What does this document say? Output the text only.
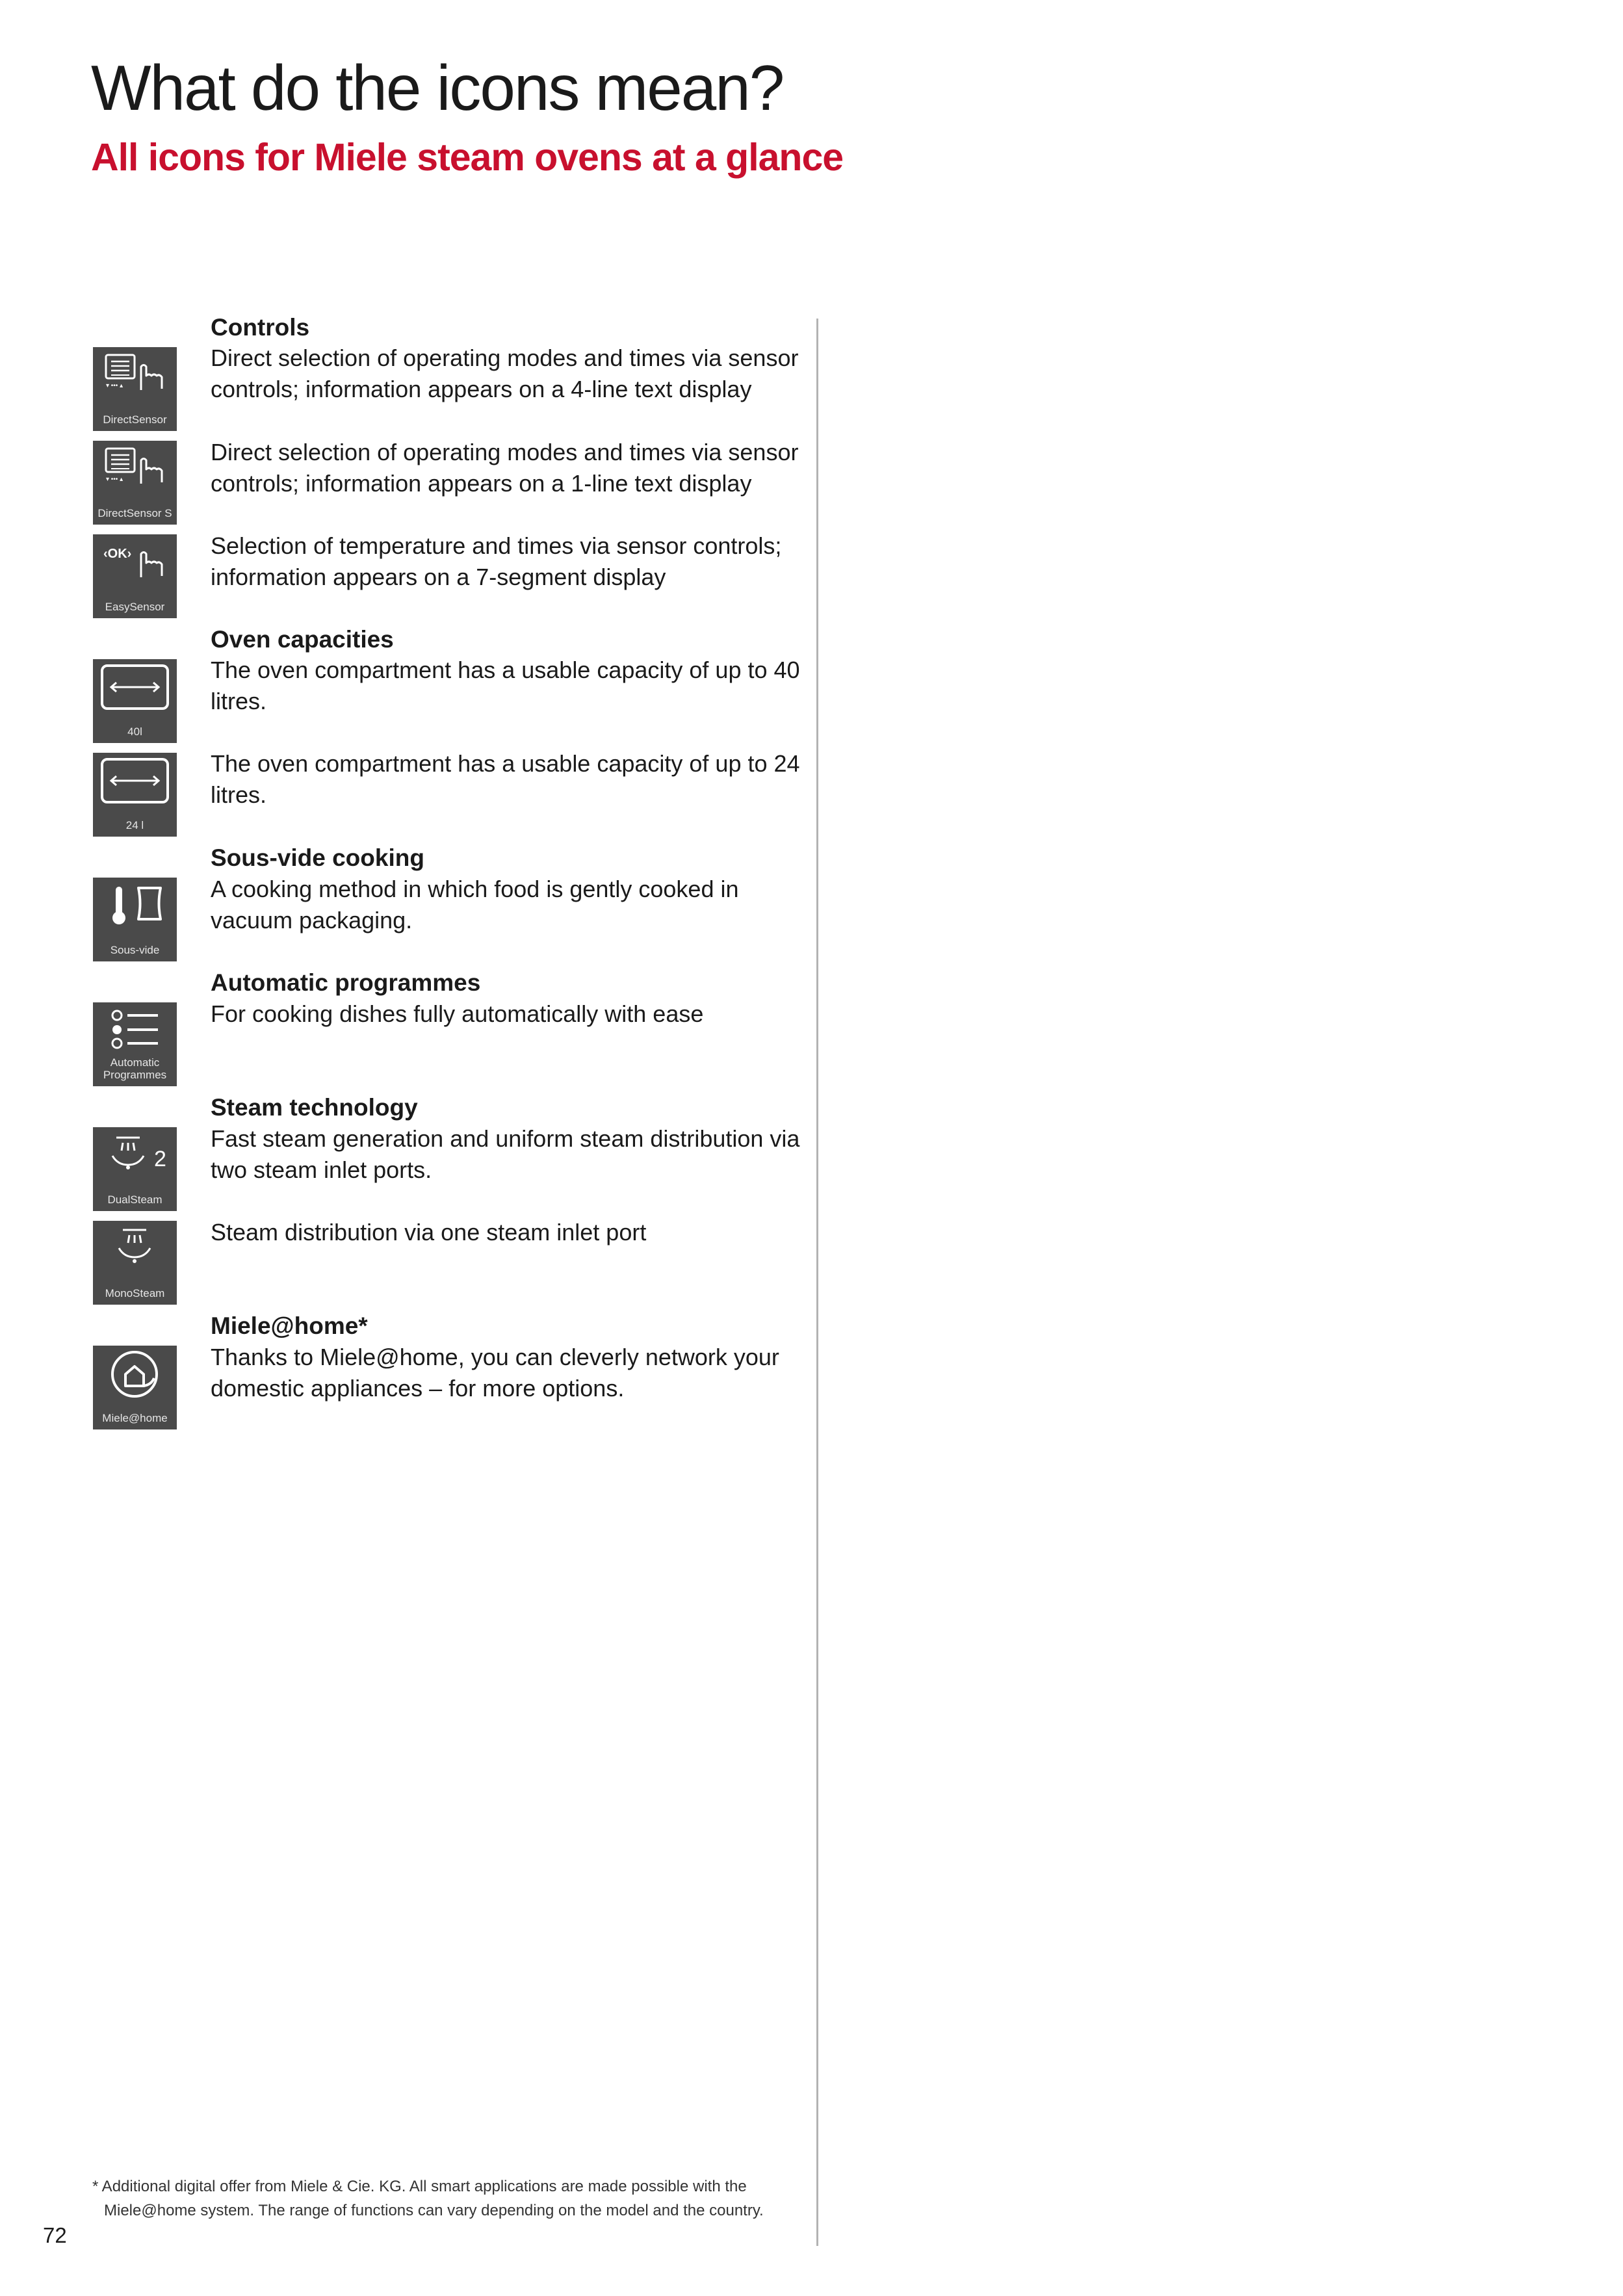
What do the icons mean?
All icons for Miele steam ovens at a glance
Controls
▾ ••• ▴
DirectSensor

Direct selection of operating modes and times via sensor controls; information appears on a 4-line text display

▾ ••• ▴
DirectSensor S

Direct selection of operating modes and times via sensor controls; information appears on a 1-line text display

‹OK›
EasySensor

Selection of temperature and times via sensor controls; information appears on a 7-segment display

Oven capacities
40l

The oven compartment has a usable capacity of up to 40 litres.

24 l

The oven compartment has a usable capacity of up to 24 litres.

Sous-vide cooking
Sous-vide

A cooking method in which food is gently cooked in vacuum packaging.

Automatic programmes
Automatic
Programmes

For cooking dishes fully automatically with ease

Steam technology
2
DualSteam

Fast steam generation and uniform steam distribution via two steam inlet ports.

MonoSteam

Steam distribution via one steam inlet port

Miele@home*
Miele@home

Thanks to Miele@home, you can cleverly network your domestic appliances – for more options.

* Additional digital offer from Miele & Cie. KG. All smart applications are made possible with the Miele@home system. The range of functions can vary depending on the model and the country.

72
